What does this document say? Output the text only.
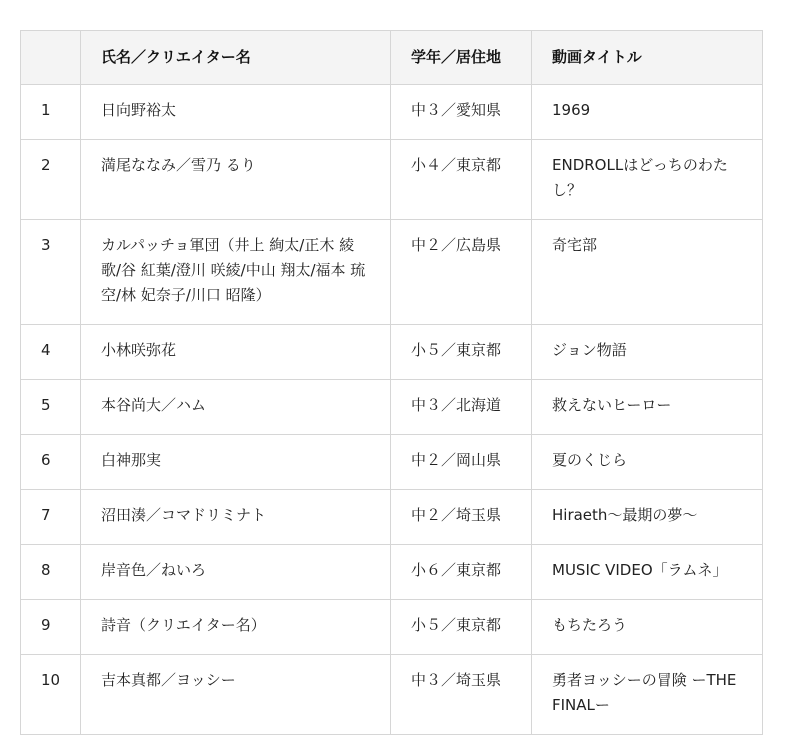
	氏名／クリエイター名	学年／居住地	動画タイトル
1	日向野裕太	中３／愛知県	1969
2	満尾ななみ／雪乃 るり	小４／東京都	ENDROLLはどっちのわたし？
3	カルパッチョ軍団（井上 絢太/正木 綾歌/谷 紅葉/澄川 咲綾/中山 翔太/福本 琉空/林 妃奈子/川口 昭隆）	中２／広島県	奇宅部
4	小林咲弥花	小５／東京都	ジョン物語
5	本谷尚大／ハム	中３／北海道	救えないヒーロー
6	白神那実	中２／岡山県	夏のくじら
7	沼田湊／コマドリミナト	中２／埼玉県	Hiraeth〜最期の夢〜
8	岸音色／ねいろ	小６／東京都	MUSIC VIDEO「ラムネ」
9	詩音（クリエイター名）	小５／東京都	もちたろう
10	吉本真都／ヨッシー	中３／埼玉県	勇者ヨッシーの冒険 ーTHE FINALー
